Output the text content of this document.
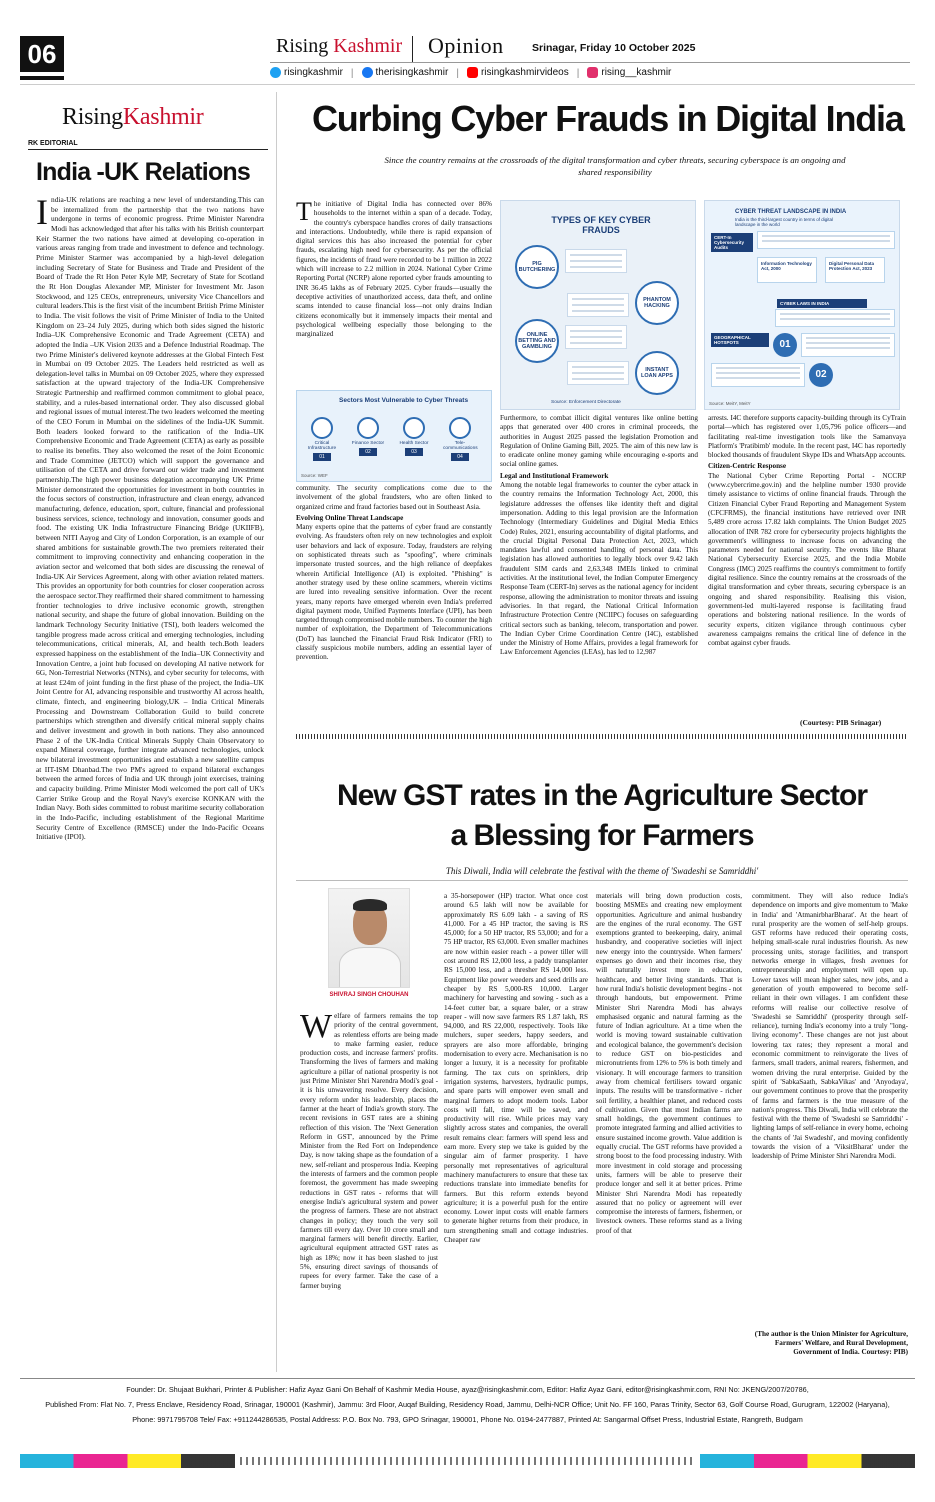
06	Rising Kashmir Opinion	Srinagar, Friday 10 October 2025
risingkashmir |	therisingkashmir |	risingkashmirvideos |	rising__kashmir
RisingKashmir
RK EDITORIAL
India -UK Relations
India-UK relations are reaching a new level of understanding.This can be internalized from the partnership that the two nations have undergone in terms of economic progress. Prime Minister Narendra Modi has acknowledged that after his talks with his British counterpart Keir Starmer the two nations have aimed at developing co-operation in various areas ranging from trade and investment to defence and technology. Prime Minister Starmer was accompanied by a high-level delegation including Secretary of State for Business and Trade and President of the Board of Trade the Rt Hon Peter Kyle MP, Secretary of State for Scotland the Rt Hon Douglas Alexander MP, Minister for Investment Mr. Jason Stockwood, and 125 CEOs, entrepreneurs, university Vice Chancellors and cultural leaders.This is the first visit of the incumbent British Prime Minister to India. The visit follows the visit of Prime Minister of India to the United Kingdom on 23–24 July 2025, during which both sides signed the historic India–UK Comprehensive Economic and Trade Agreement (CETA) and adopted the India –UK Vision 2035 and a Defence Industrial Roadmap. The two Prime Minister's delivered keynote addresses at the Global Fintech Fest in Mumbai on 09 October 2025. The Leaders held restricted as well as delegation-level talks in Mumbai on 09 October 2025, where they expressed satisfaction at the upward trajectory of the India-UK Comprehensive Strategic Partnership and reaffirmed common commitment to global peace, stability, and a rules-based international order. They also discussed global and regional issues of mutual interest.The two leaders welcomed the meeting of the CEO Forum in Mumbai on the sidelines of the India-UK Summit. Both leaders looked forward to the ratification of the India–UK Comprehensive Economic and Trade Agreement (CETA) as early as possible to realise its benefits. They also welcomed the reset of the Joint Economic and Trade Committee (JETCO) which will support the governance and utilisation of the CETA and drive forward our wider trade and investment partnership.The high power business delegation accompanying UK Prime Minister demonstrated the opportunities for investment in both countries in the focus sectors of construction, infrastructure and clean energy, advanced manufacturing, defence, education, sport, culture, financial and professional business services, science, technology and innovation, consumer goods and food. The existing UK India Infrastructure Financing Bridge (UKIIFB), between NITI Aayog and City of London Corporation, is an example of our shared ambitions for sustainable growth.The two premiers reiterated their commitment to improving connectivity and enhancing cooperation in the aviation sector and welcomed that both sides are discussing the renewal of India-UK Air Services Agreement, along with other aviation related matters. This provides an opportunity for both countries for closer cooperation across the aerospace sector.They reaffirmed their shared commitment to harnessing frontier technologies to drive inclusive economic growth, strengthen national security, and shape the future of global innovation. Building on the landmark Technology Security Initiative (TSI), both leaders welcomed the tangible progress made across critical and emerging technologies, including telecommunications, critical minerals, AI, and health tech.Both leaders expressed happiness on the establishment of the India–UK Connectivity and Innovation Centre, a joint hub focused on developing AI native network for 6G, Non-Terrestrial Networks (NTNs), and cyber security for telecoms, with at least £24m of joint funding in the first phase of the project, the India–UK Joint Centre for AI, advancing responsible and trustworthy AI across health, climate, fintech, and engineering biology,UK – India Critical Minerals Processing and Downstream Collaboration Guild to build concrete partnerships which strengthen and diversify critical mineral supply chains and deliver investment and growth in both nations. They also announced Phase 2 of the UK-India Critical Minerals Supply Chain Observatory to expand Mineral coverage, further integrate advanced technologies, unlock new bilateral investment opportunities and establish a new satellite campus at IIT-ISM Dhanbad.The two PM's agreed to expand bilateral exchanges between the armed forces of India and UK through joint exercises, training and capacity building. Prime Minister Modi welcomed the port call of UK's Carrier Strike Group and the Royal Navy's exercise KONKAN with the Indian Navy. Both sides committed to robust maritime security collaboration in the Indo-Pacific, including establishment of the Regional Maritime Security Centre of Excellence (RMSCE) under the Indo-Pacific Oceans Initiative (IPOI).
Curbing Cyber Frauds in Digital India
Since the country remains at the crossroads of the digital transformation and cyber threats, securing cyberspace is an ongoing and shared responsibility
The initiative of Digital India has connected over 86% households to the internet within a span of a decade. Today, the country's cyberspace handles crores of daily transactions and interactions. Undoubtedly, while there is rapid expansion of digital services this has also increased the potential for cyber frauds, escalating high need for cybersecurity. As per the official figures, the incidents of fraud were recorded to be 1 million in 2022 which will increase to 2.2 million in 2024. National Cyber Crime Reporting Portal (NCRP) alone reported cyber frauds amounting to INR 36.45 lakhs as of February 2025. Cyber frauds—usually the deceptive activities of unauthorized access, data theft, and online scams intended to cause financial loss—not only drains Indian citizens economically but it immensely impacts their mental and psychological wellbeing especially those belonging to the marginalized
Sectors Most Vulnerable to Cyber Threats
Critical Infrastructure
01
Finance Sector
02
Health Sector
03
Tele-communications
04
Source: WEF

community. The security complications come due to the involvement of the global fraudsters, who are often linked to organized crime and fraud factories based out in Southeast Asia.

Evolving Online Threat Landscape

Many experts opine that the patterns of cyber fraud are constantly evolving. As fraudsters often rely on new technologies and exploit user behaviors and lack of exposure. Today, fraudsters are relying on sophisticated threats such as "spoofing", where criminals impersonate trusted sources, and the high reliance of deepfakes wherein Artificial Intelligence (AI) is exploited. "Phishing" is another strategy used by these online scammers, wherein victims are lured into revealing sensitive information. Over the recent years, many reports have emerged wherein even India's preferred digital payment mode, Unified Payments Interface (UPI), has been targeted through compromised mobile numbers. To counter the high number of exploitation, the Department of Telecommunications (DoT) has launched the Financial Fraud Risk Indicator (FRI) to classify suspicious mobile numbers, adding an essential layer of prevention.

TYPES OF KEY CYBER FRAUDS
PIG BUTCHERING
PHANTOM HACKING
ONLINE BETTING AND GAMBLING
INSTANT LOAN APPS
Source: Enforcement Directorate
CYBER THREAT LANDSCAPE IN INDIA
India is the third-largest country in terms of digital landscape in the world
CERT-In Cybersecurity Audits
Information Technology Act, 2000
Digital Personal Data Protection Act, 2023
CYBER LAWS IN INDIA
GEOGRAPHICAL HOTSPOTS	01
02
Source: MeitY, MeitY

Furthermore, to combat illicit digital ventures like online betting apps that generated over 400 crores in criminal proceeds, the authorities in August 2025 passed the legislation Promotion and Regulation of Online Gaming Bill, 2025. The aim of this new law is to eradicate online money gaming while encouraging e-sports and social online games.

Legal and Institutional Framework

Among the notable legal frameworks to counter the cyber attack in the country remains the Information Technology Act, 2000, this legislature addresses the offenses like identity theft and digital impersonation. Adding to this legal provision are the Information Technology (Intermediary Guidelines and Digital Media Ethics Code) Rules, 2021, ensuring accountability of digital platforms, and the crucial Digital Personal Data Protection Act, 2023, which mandates lawful and consented handling of personal data. This legislation has allowed authorities to legally block over 9.42 lakh fraudulent SIM cards and 2,63,348 IMEIs linked to criminal activities. At the institutional level, the Indian Computer Emergency Response Team (CERT-In) serves as the national agency for incident response, allowing the administration to monitor threats and issuing advisories. In that regard, the National Critical Information Infrastructure Protection Centre (NCIIPC) focuses on safeguarding critical sectors such as banking, telecom, transportation and power. The Indian Cyber Crime Coordination Centre (I4C), established under the Ministry of Home Affairs, provides a legal framework for Law Enforcement Agencies (LEAs), has led to 12,987

arrests. I4C therefore supports capacity-building through its CyTrain portal—which has registered over 1,05,796 police officers—and facilitating real-time investigation tools like the Samanvaya Platform's 'Pratibimb' module. In the recent past, I4C has reportedly blocked thousands of fraudulent Skype IDs and WhatsApp accounts.

Citizen-Centric Response

The National Cyber Crime Reporting Portal - NCCRP (www.cybercrime.gov.in) and the helpline number 1930 provide timely assistance to victims of online financial frauds. Through the Citizen Financial Cyber Fraud Reporting and Management System (CFCFRMS), the financial institutions have retrieved over INR 5,489 crore across 17.82 lakh complaints. The Union Budget 2025 allocation of INR 782 crore for cybersecurity projects highlights the government's willingness to increase focus on advancing the parameters needed for national security. The events like Bharat National Cybersecurity Exercise 2025, and the India Mobile Congress (IMC) 2025 reaffirms the country's commitment to fortify digital resilience. Since the country remains at the crossroads of the digital transformation and cyber threats, securing cyberspace is an ongoing and shared responsibility. Realising this vision, government-led multi-layered response is facilitating fraud operations and bolstering national resilience. In the words of security experts, citizen vigilance through continuous cyber awareness campaigns remains the critical line of defence in the combat against cyber frauds.

(Courtesy: PIB Srinagar)
New GST rates in the Agriculture Sector
a Blessing for Farmers
This Diwali, India will celebrate the festival with the theme of 'Swadeshi se Samriddhi'
SHIVRAJ SINGH CHOUHAN
Welfare of farmers remains the top priority of the central government, as relentless efforts are being made to make farming easier, reduce production costs, and increase farmers' profits. Transforming the lives of farmers and making agriculture a pillar of national prosperity is not just Prime Minister Shri Narendra Modi's goal - it is his unwavering resolve. Every decision, every reform under his leadership, places the farmer at the heart of India's growth story. The recent revisions in GST rates are a shining reflection of this vision. The 'Next Generation Reform in GST', announced by the Prime Minister from the Red Fort on Independence Day, is now taking shape as the foundation of a new, self-reliant and prosperous India. Keeping the interests of farmers and the common people foremost, the government has made sweeping reductions in GST rates - reforms that will energise India's agricultural system and power the progress of farmers. These are not abstract changes in policy; they touch the very soil farmers till every day. Over 10 crore small and marginal farmers will benefit directly. Earlier, agricultural equipment attracted GST rates as high as 18%; now it has been slashed to just 5%, ensuring direct savings of thousands of rupees for every farmer. Take the case of a farmer buying
a 35-horsepower (HP) tractor. What once cost around 6.5 lakh will now be available for approximately RS 6.09 lakh - a saving of RS 41,000. For a 45 HP tractor, the saving is RS 45,000; for a 50 HP tractor, RS 53,000; and for a 75 HP tractor, RS 63,000. Even smaller machines are now within easier reach - a power tiller will cost around RS 12,000 less, a paddy transplanter RS 15,000 less, and a thresher RS 14,000 less. Equipment like power weeders and seed drills are cheaper by RS 5,000-RS 10,000. Larger machinery for harvesting and sowing - such as a 14-feet cutter bar, a square baler, or a straw reaper - will now save farmers RS 1.87 lakh, RS 94,000, and RS 22,000, respectively. Tools like mulchers, super seeders, happy seeders, and sprayers are also more affordable, bringing modernisation to every acre. Mechanisation is no longer a luxury, it is a necessity for profitable farming. The tax cuts on sprinklers, drip irrigation systems, harvesters, hydraulic pumps, and spare parts will empower even small and marginal farmers to adopt modern tools. Labor costs will fall, time will be saved, and productivity will rise. While prices may vary slightly across states and companies, the overall result remains clear: farmers will spend less and earn more. Every step we take is guided by the singular aim of farmer prosperity. I have personally met representatives of agricultural machinery manufacturers to ensure that these tax reductions translate into immediate benefits for farmers. But this reform extends beyond agriculture; it is a powerful push for the entire economy. Lower input costs will enable farmers to generate higher returns from their produce, in turn strengthening small and cottage industries. Cheaper raw
materials will bring down production costs, boosting MSMEs and creating new employment opportunities. Agriculture and animal husbandry are the engines of the rural economy. The GST exemptions granted to beekeeping, dairy, animal husbandry, and cooperative societies will inject new energy into the countryside. When farmers' expenses go down and their incomes rise, they will naturally invest more in education, healthcare, and better living standards. That is how rural India's holistic development begins - not through handouts, but empowerment. Prime Minister Shri Narendra Modi has always emphasised organic and natural farming as the future of Indian agriculture. At a time when the world is moving toward sustainable cultivation and ecological balance, the government's decision to reduce GST on bio-pesticides and micronutrients from 12% to 5% is both timely and visionary. It will encourage farmers to transition away from chemical fertilisers toward organic inputs. The results will be transformative - richer soil fertility, a healthier planet, and reduced costs of cultivation. Given that most Indian farms are small holdings, the government continues to promote integrated farming and allied activities to ensure sustained income growth. Value addition is equally crucial. The GST reforms have provided a strong boost to the food processing industry. With more investment in cold storage and processing units, farmers will be able to preserve their produce longer and sell it at better prices. Prime Minister Shri Narendra Modi has repeatedly assured that no policy or agreement will ever compromise the interests of farmers, fishermen, or livestock owners. These reforms stand as a living proof of that
commitment. They will also reduce India's dependence on imports and give momentum to 'Make in India' and 'AtmanirbharBharat'. At the heart of rural prosperity are the women of self-help groups. GST reforms have reduced their operating costs, helping small-scale rural industries flourish. As new processing units, storage facilities, and transport networks emerge in villages, fresh avenues for entrepreneurship and employment will open up. Lower taxes will mean higher sales, new jobs, and a generation of youth empowered to become self-reliant in their own villages. I am confident these reforms will realise our collective resolve of 'Swadeshi se Samriddhi' (prosperity through self-reliance), turning India's economy into a truly "long-living economy". These changes are not just about lowering tax rates; they represent a moral and economic commitment to reinvigorate the lives of farmers, small traders, animal rearers, fishermen, and women driving the rural enterprise. Guided by the spirit of 'SabkaSaath, SabkaVikas' and 'Anyodaya', our government continues to prove that the prosperity of farms and farmers is the true measure of the nation's progress. This Diwali, India will celebrate the festival with the theme of 'Swadeshi se Samriddhi' - lighting lamps of self-reliance in every home, echoing the chants of 'Jai Swadeshi', and moving confidently towards the vision of a 'ViksitBharat' under the leadership of Prime Minister Shri Narendra Modi.
(The author is the Union Minister for Agriculture, Farmers' Welfare, and Rural Development, Government of India. Courtesy: PIB)
Founder: Dr. Shujaat Bukhari, Printer & Publisher: Hafiz Ayaz Gani On Behalf of Kashmir Media House, ayaz@risingkashmir.com, Editor: Hafiz Ayaz Gani, editor@risingkashmir.com, RNI No: JKENG/2007/20786,
Published From: Flat No. 7, Press Enclave, Residency Road, Srinagar, 190001 (Kashmir), Jammu: 3rd Floor, Auqaf Building, Residency Road, Jammu, Delhi-NCR Office; Unit No. FF 160, Paras Trinity, Sector 63, Golf Course Road, Gurugram, 122002 (Haryana),
Phone: 9971795708 Tele/ Fax: +911244286535, Postal Address: P.O. Box No. 793, GPO Srinagar, 190001, Phone No. 0194-2477887, Printed At: Sangarmal Offset Press, Industrial Estate, Rangreth, Budgam
